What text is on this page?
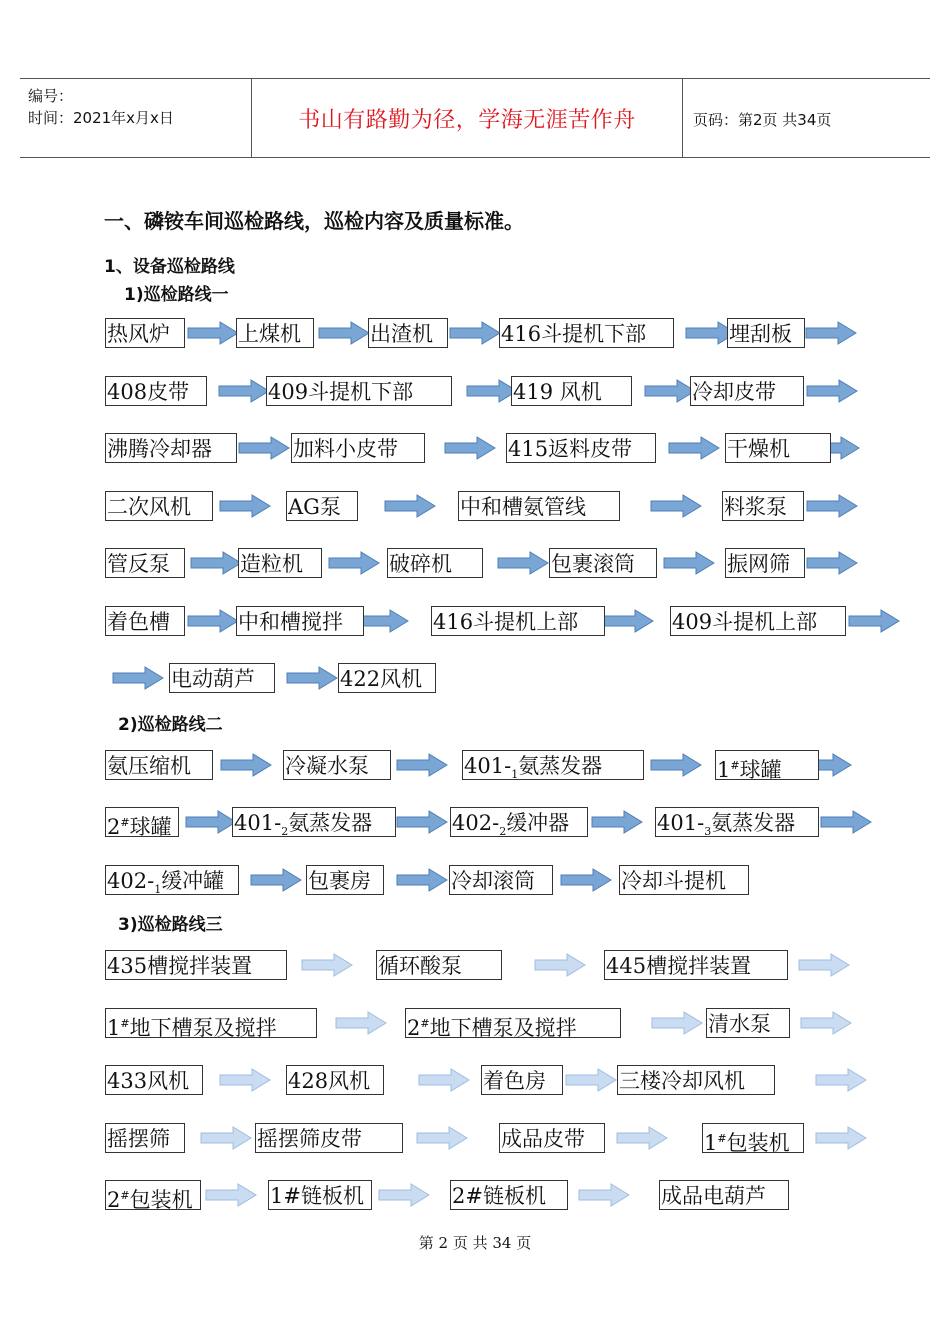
编号：
时间：2021年x月x日	书山有路勤为径，学海无涯苦作舟	页码：第2页 共34页
一、磷铵车间巡检路线，巡检内容及质量标准。
1、设备巡检路线
1)巡检路线一
热风炉	上煤机	出渣机	416斗提机下部	埋刮板
408皮带	409斗提机下部	419 风机	冷却皮带
沸腾冷却器	加料小皮带	415返料皮带	干燥机
二次风机	AG泵	中和槽氨管线	料浆泵
管反泵	造粒机	破碎机	包裹滚筒	振网筛
着色槽	中和槽搅拌	416斗提机上部	409斗提机上部
电动葫芦	422风机
2)巡检路线二
氨压缩机	冷凝水泵	$401-_1$氨蒸发器	1#球罐
2#球罐	$401-_2$氨蒸发器	$402-_2$缓冲器	$401-_3$氨蒸发器
$402-_1$缓冲罐	包裹房	冷却滚筒	冷却斗提机
3)巡检路线三
435槽搅拌装置	循环酸泵	445槽搅拌装置
1#地下槽泵及搅拌	2#地下槽泵及搅拌	清水泵
433风机	428风机	着色房	三楼冷却风机
摇摆筛	摇摆筛皮带	成品皮带	1#包装机
2#包装机	1#链板机	2#链板机	成品电葫芦
第 2 页 共 34 页
